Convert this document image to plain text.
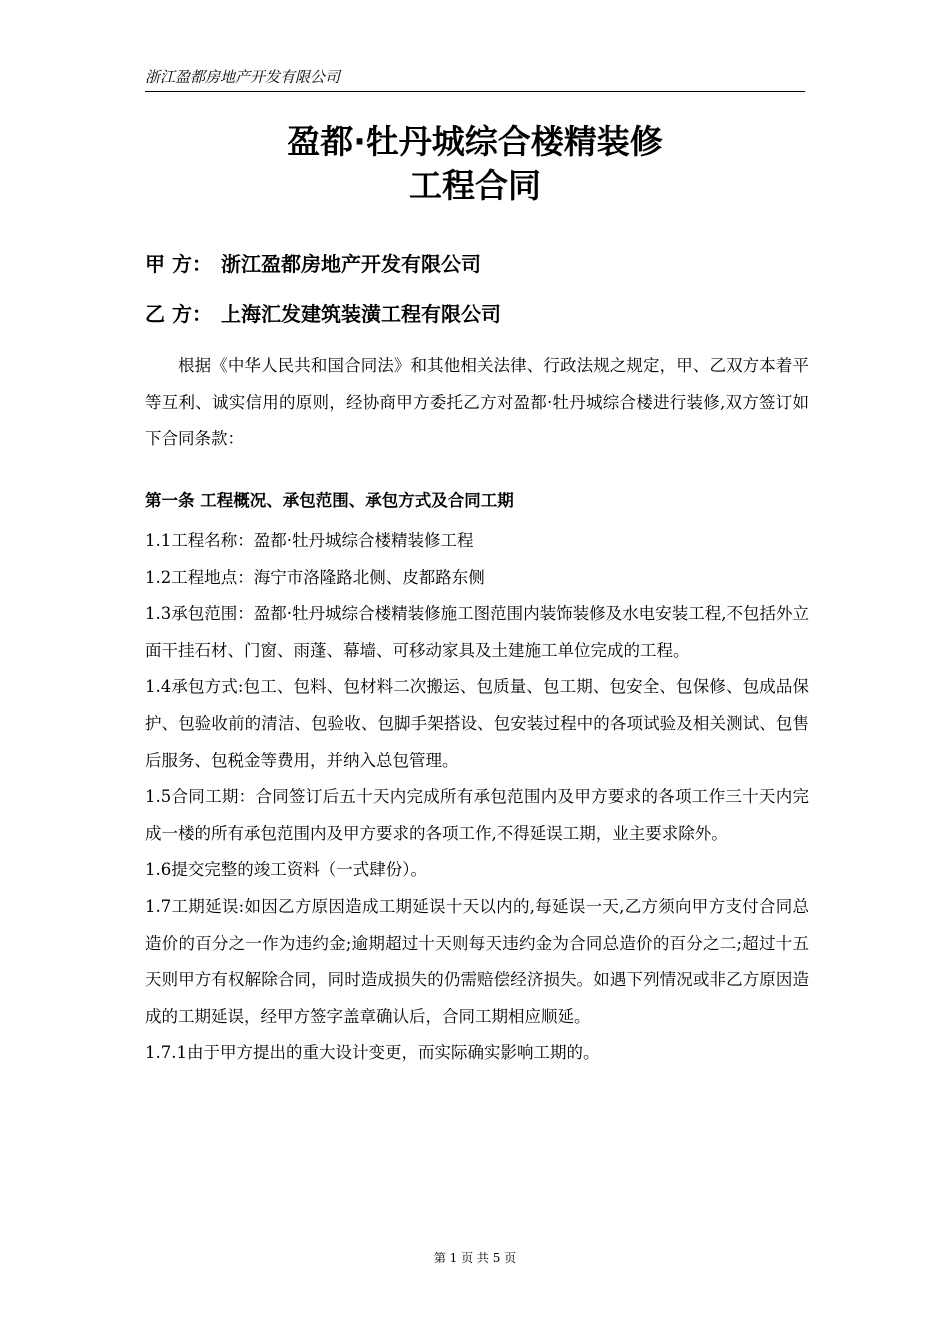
浙江盈都房地产开发有限公司
盈都·牡丹城综合楼精装修
工程合同
甲 方： 浙江盈都房地产开发有限公司
乙 方： 上海汇发建筑装潢工程有限公司
根据《中华人民共和国合同法》和其他相关法律、行政法规之规定，甲、乙双方本着平等互利、诚实信用的原则，经协商甲方委托乙方对盈都·牡丹城综合楼进行装修,双方签订如下合同条款：
第一条 工程概况、承包范围、承包方式及合同工期

1.1工程名称：盈都·牡丹城综合楼精装修工程

1.2工程地点：海宁市洛隆路北侧、皮都路东侧

1.3承包范围：盈都·牡丹城综合楼精装修施工图范围内装饰装修及水电安装工程,不包括外立面干挂石材、门窗、雨蓬、幕墙、可移动家具及土建施工单位完成的工程。

1.4承包方式:包工、包料、包材料二次搬运、包质量、包工期、包安全、包保修、包成品保护、包验收前的清洁、包验收、包脚手架搭设、包安装过程中的各项试验及相关测试、包售后服务、包税金等费用，并纳入总包管理。

1.5合同工期：合同签订后五十天内完成所有承包范围内及甲方要求的各项工作三十天内完成一楼的所有承包范围内及甲方要求的各项工作,不得延误工期，业主要求除外。

1.6提交完整的竣工资料（一式肆份）。

1.7工期延误:如因乙方原因造成工期延误十天以内的,每延误一天,乙方须向甲方支付合同总造价的百分之一作为违约金;逾期超过十天则每天违约金为合同总造价的百分之二;超过十五天则甲方有权解除合同，同时造成损失的仍需赔偿经济损失。如遇下列情况或非乙方原因造成的工期延误，经甲方签字盖章确认后，合同工期相应顺延。

1.7.1由于甲方提出的重大设计变更，而实际确实影响工期的。

第 1 页 共 5 页
